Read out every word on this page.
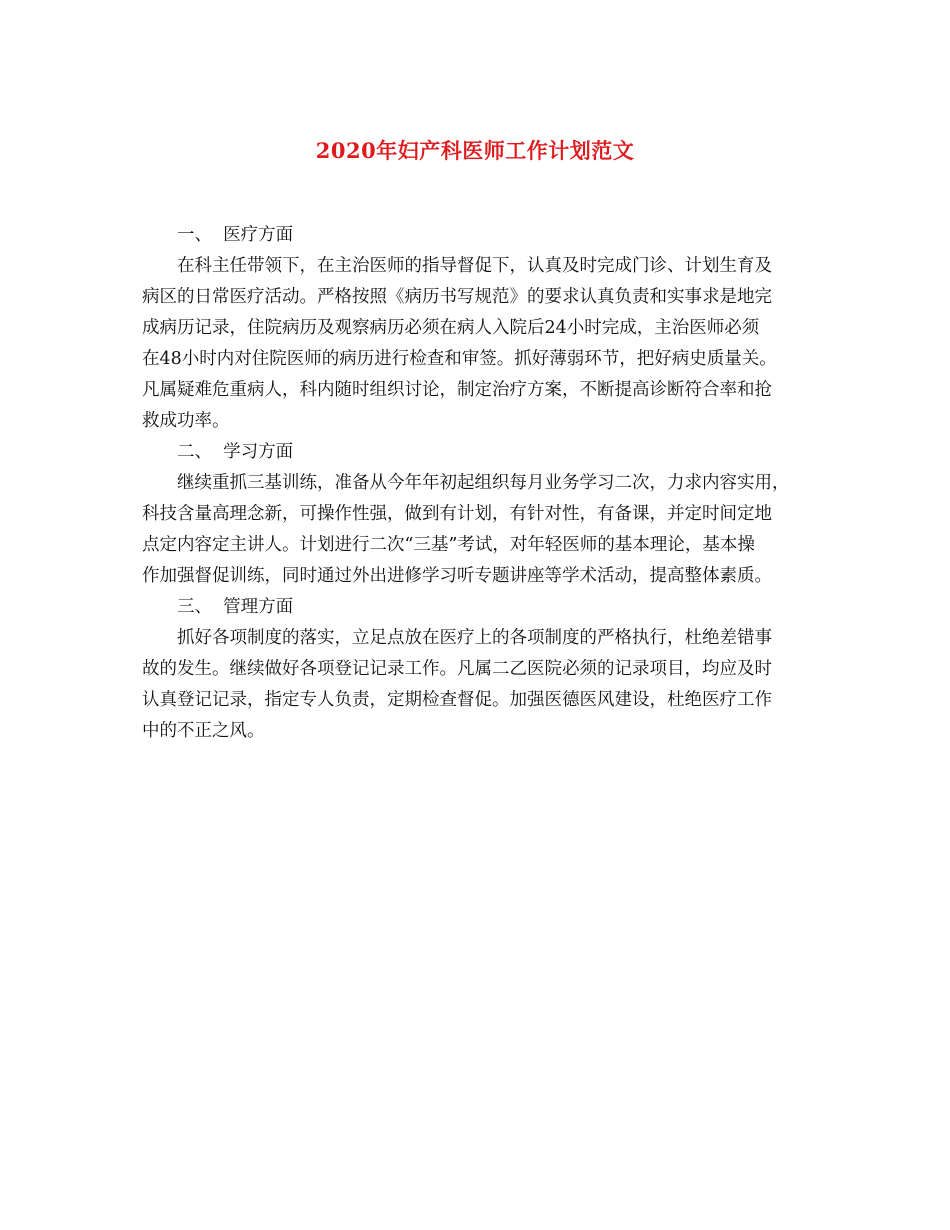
2020年妇产科医师工作计划范文

一、  医疗方面

在科主任带领下，在主治医师的指导督促下，认真及时完成门诊、计划生育及

病区的日常医疗活动。严格按照《病历书写规范》的要求认真负责和实事求是地完

成病历记录，住院病历及观察病历必须在病人入院后24小时完成，主治医师必须

在48小时内对住院医师的病历进行检查和审签。抓好薄弱环节，把好病史质量关。

凡属疑难危重病人，科内随时组织讨论，制定治疗方案，不断提高诊断符合率和抢

救成功率。

二、  学习方面

继续重抓三基训练，准备从今年年初起组织每月业务学习二次，力求内容实用，

科技含量高理念新，可操作性强，做到有计划，有针对性，有备课，并定时间定地

点定内容定主讲人。计划进行二次“三基”考试，对年轻医师的基本理论，基本操

作加强督促训练，同时通过外出进修学习听专题讲座等学术活动，提高整体素质。

三、  管理方面

抓好各项制度的落实，立足点放在医疗上的各项制度的严格执行，杜绝差错事

故的发生。继续做好各项登记记录工作。凡属二乙医院必须的记录项目，均应及时

认真登记记录，指定专人负责，定期检查督促。加强医德医风建设，杜绝医疗工作

中的不正之风。
